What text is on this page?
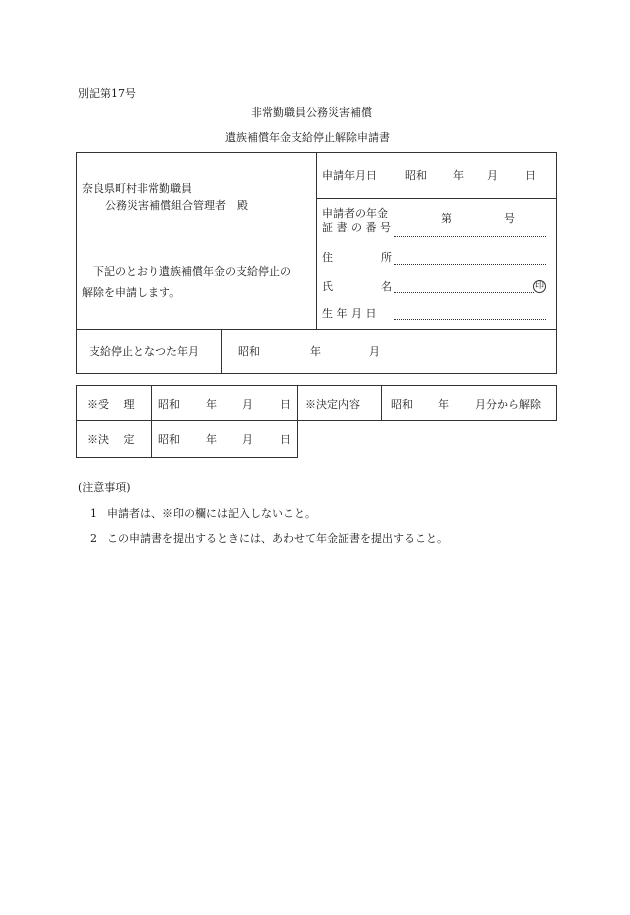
別記第17号
非常勤職員公務災害補償
遺族補償年金支給停止解除申請書
奈良県町村非常勤職員
公務災害補償組合管理者　殿
下記のとおり遺族補償年金の支給停止の
解除を申請します。
申請年月日	昭和 年 月 日
申請者の年金
証 書 の 番 号
第	号
住	所
氏	名	印
生 年 月 日
支給停止となつた年月	昭和	年	月
※受　 理 昭和 年 月 日 ※決定内容	昭和 年 月分から解除
※決　 定 昭和 年 月 日
(注意事項)
1 申請者は、※印の欄には記入しないこと。
2 この申請書を提出するときには、あわせて年金証書を提出すること。
